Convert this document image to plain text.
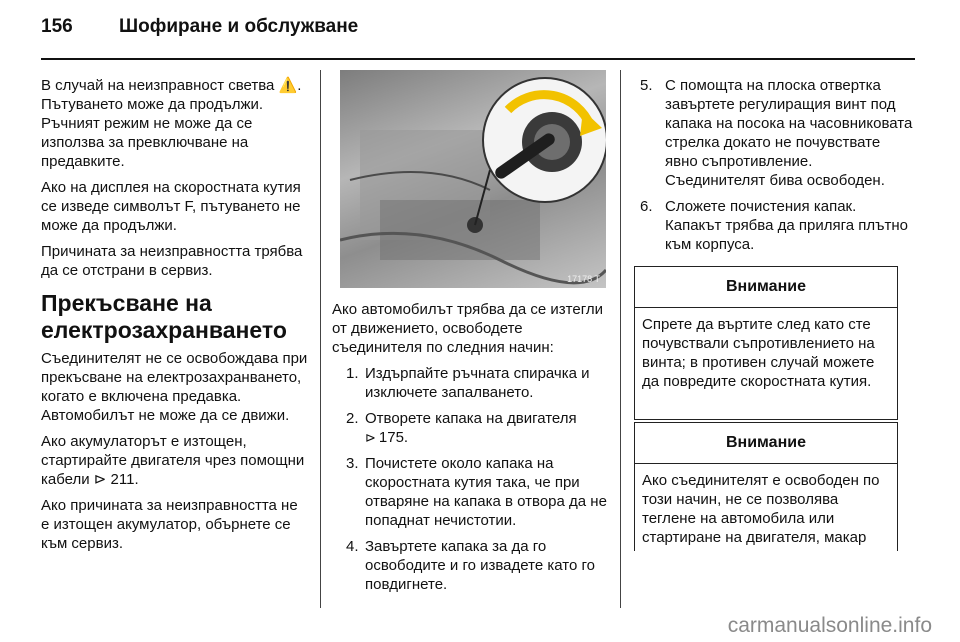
156 Шофиране и обслужване

В случай на неизправност светва ⚠️. Пътуването може да продължи. Ръчният режим не може да се използва за превключване на предавките.

Ако на дисплея на скоростната кутия се изведе символът F, пътуването не може да продължи.

Причината за неизправността трябва да се отстрани в сервиз.

Прекъсване на електрозахранването

Съединителят не се освобождава при прекъсване на електрозахранването, когато е включена предавка. Автомобилът не може да се движи.

Ако акумулаторът е изтощен, стартирайте двигателя чрез помощни кабели ⊳ 211.

Ако причината за неизправността не е изтощен акумулатор, обърнете се към сервиз.

17178 T

Ако автомобилът трябва да се изтегли от движението, освободете съединителя по следния начин:

1. Издърпайте ръчната спирачка и изключете запалването.
2. Отворете капака на двигателя
⊳ 175.
3. Почистете около капака на скоростната кутия така, че при отваряне на капака в отвора да не попаднат нечистотии.
4. Завъртете капака за да го освободите и го извадете като го повдигнете.
5. С помощта на плоска отвертка завъртете регулиращия винт под капака на посока на часовниковата стрелка докато не почувствате явно съпротивление. Съединителят бива освободен.
6. Сложете почистения капак. Капакът трябва да приляга плътно към корпуса.
Внимание
Спрете да въртите след като сте почувствали съпротивлението на винта; в противен случай можете да повредите скоростната кутия.
Внимание
Ако съединителят е освободен по този начин, не се позволява теглене на автомобила или стартиране на двигателя, макар
carmanualsonline.info
